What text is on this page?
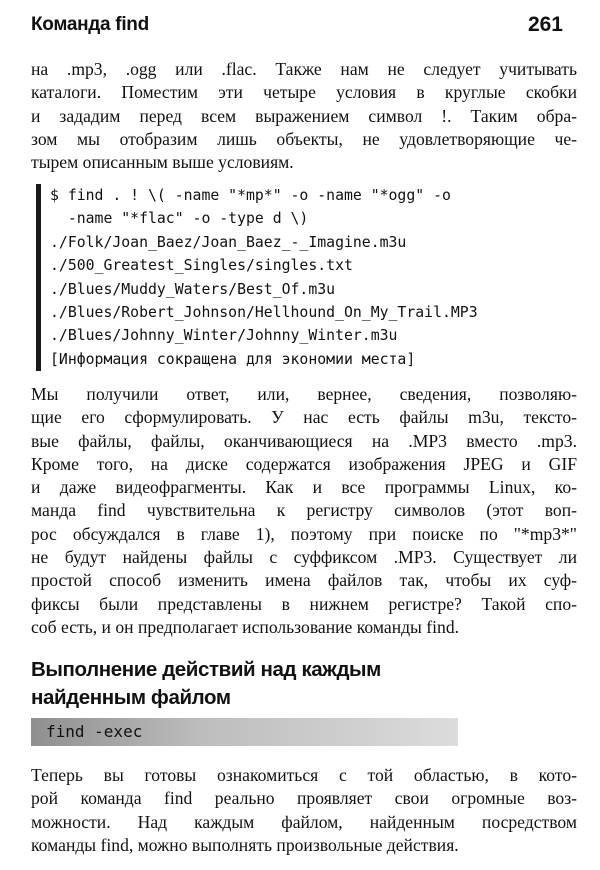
Команда find	261
на .mp3, .ogg или .flac. Также нам не следует учитывать
каталоги. Поместим эти четыре условия в круглые скобки
и зададим перед всем выражением символ !. Таким обра-
зом мы отобразим лишь объекты, не удовлетворяющие че-
тырем описанным выше условиям.
$ find . ! \( -name "*mp*" -o -name "*ogg" -o
-name "*flac" -o -type d \)
./Folk/Joan_Baez/Joan_Baez_-_Imagine.m3u
./500_Greatest_Singles/singles.txt
./Blues/Muddy_Waters/Best_Of.m3u
./Blues/Robert_Johnson/Hellhound_On_My_Trail.MP3
./Blues/Johnny_Winter/Johnny_Winter.m3u
[Информация сокращена для экономии места]
Мы получили ответ, или, вернее, сведения, позволяю-
щие его сформулировать. У нас есть файлы m3u, тексто-
вые файлы, файлы, оканчивающиеся на .MP3 вместо .mp3.
Кроме того, на диске содержатся изображения JPEG и GIF
и даже видеофрагменты. Как и все программы Linux, ко-
манда find чувствительна к регистру символов (этот воп-
рос обсуждался в главе 1), поэтому при поиске по "*mp3*"
не будут найдены файлы с суффиксом .MP3. Существует ли
простой способ изменить имена файлов так, чтобы их суф-
фиксы были представлены в нижнем регистре? Такой спо-
соб есть, и он предполагает использование команды find.
Выполнение действий над каждым
найденным файлом
find -exec
Теперь вы готовы ознакомиться с той областью, в кото-
рой команда find реально проявляет свои огромные воз-
можности. Над каждым файлом, найденным посредством
команды find, можно выполнять произвольные действия.
